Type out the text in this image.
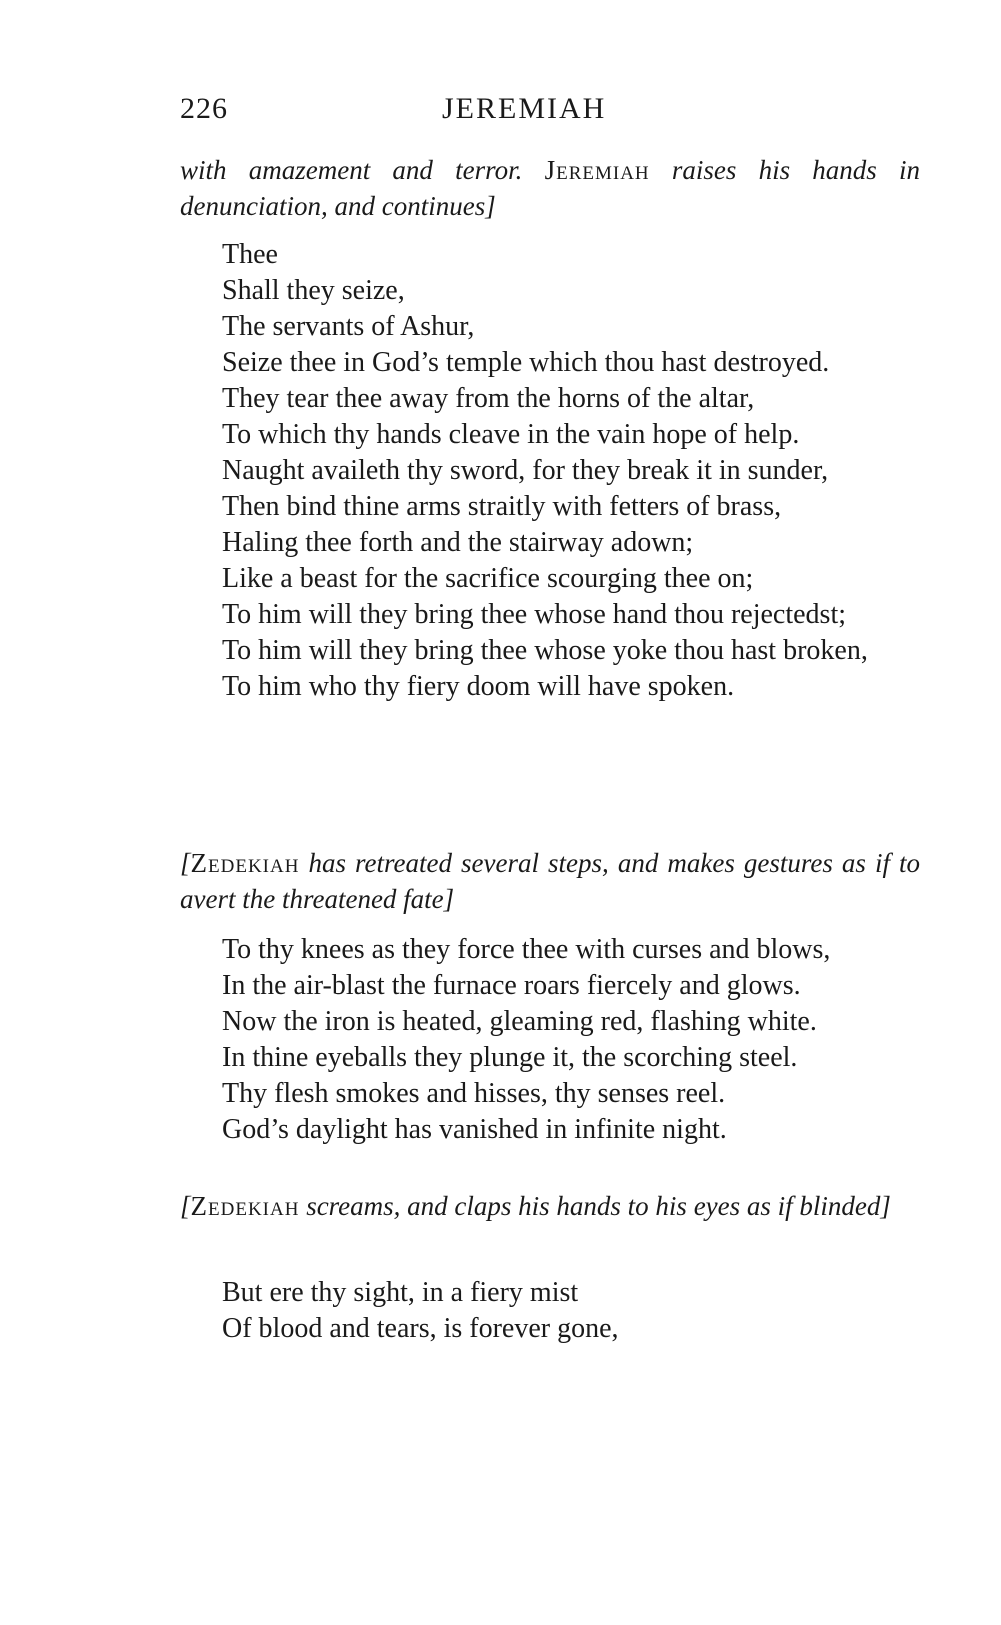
226	JEREMIAH
with amazement and terror. Jeremiah raises his hands in denunciation, and continues]
Thee
Shall they seize,
The servants of Ashur,
Seize thee in God’s temple which thou hast destroyed.
They tear thee away from the horns of the altar,
To which thy hands cleave in the vain hope of help.
Naught availeth thy sword, for they break it in sunder,
Then bind thine arms straitly with fetters of brass,
Haling thee forth and the stairway adown;
Like a beast for the sacrifice scourging thee on;
To him will they bring thee whose hand thou rejectedst;
To him will they bring thee whose yoke thou hast broken,
To him who thy fiery doom will have spoken.
[Zedekiah has retreated several steps, and makes gestures as if to avert the threatened fate]
To thy knees as they force thee with curses and blows,
In the air-blast the furnace roars fiercely and glows.
Now the iron is heated, gleaming red, flashing white.
In thine eyeballs they plunge it, the scorching steel.
Thy flesh smokes and hisses, thy senses reel.
God’s daylight has vanished in infinite night.
[Zedekiah screams, and claps his hands to his eyes as if blinded]
But ere thy sight, in a fiery mist
Of blood and tears, is forever gone,
